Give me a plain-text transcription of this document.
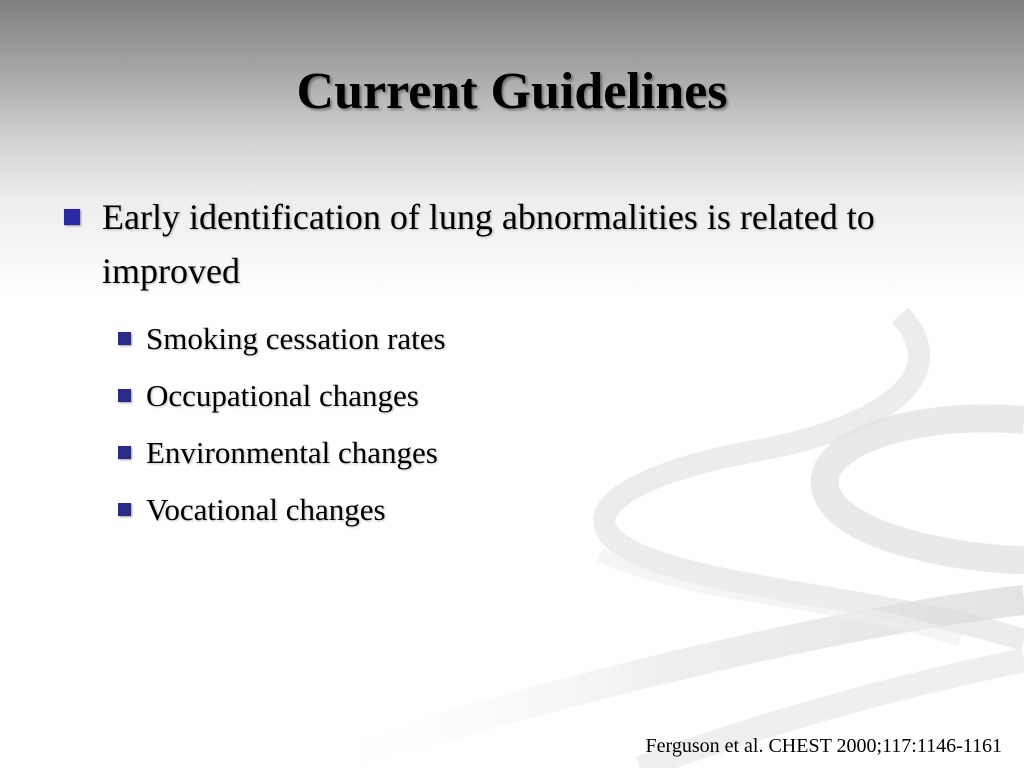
Current Guidelines
Early identification of lung abnormalities is related to improved
Smoking cessation rates
Occupational changes
Environmental changes
Vocational changes
Ferguson et al. CHEST 2000;117:1146-1161
